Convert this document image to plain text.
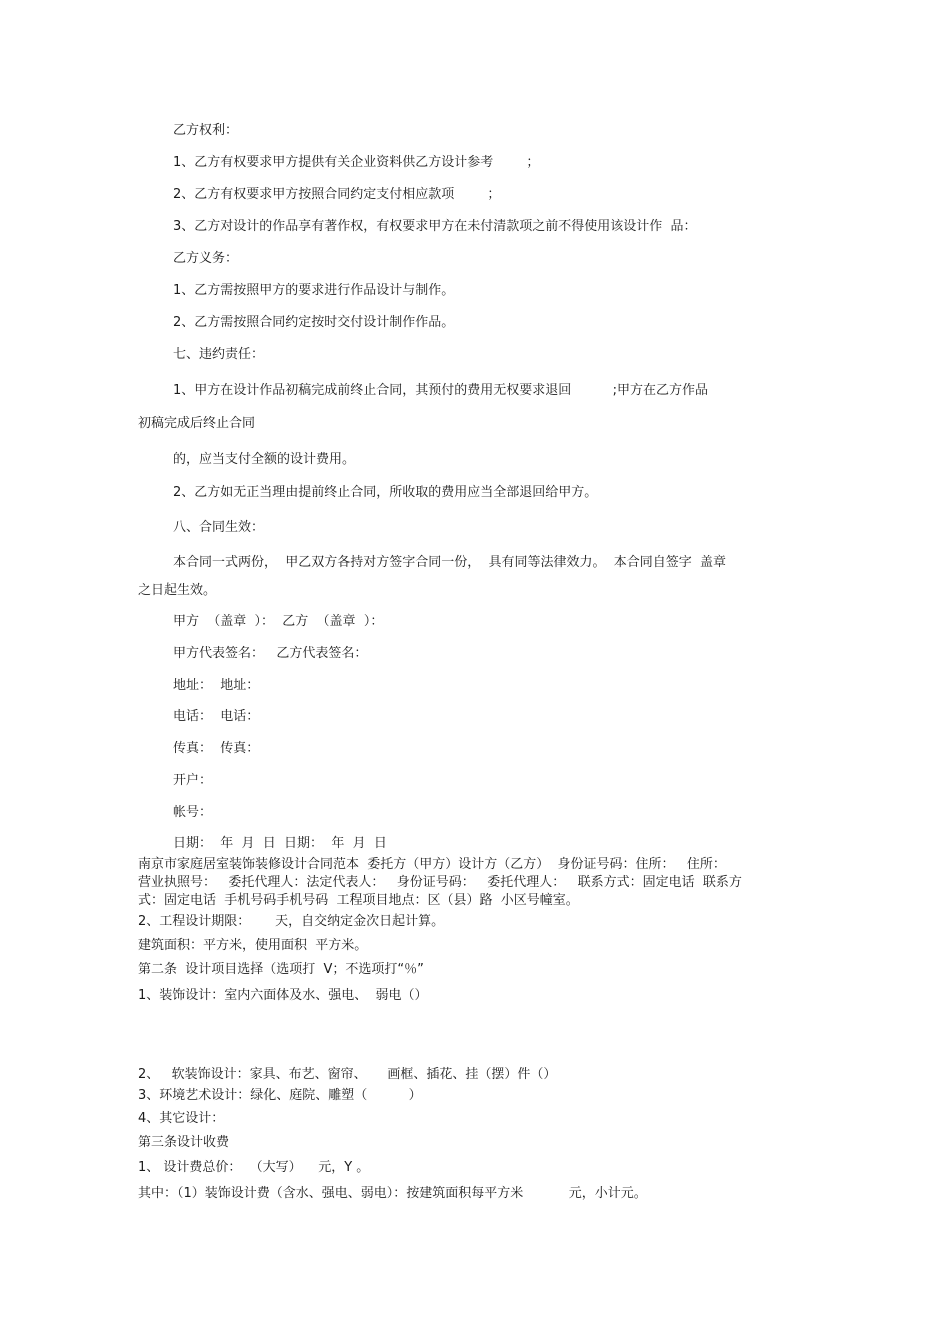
乙方权利：
1、乙方有权要求甲方提供有关企业资料供乙方设计参考        ；
2、乙方有权要求甲方按照合同约定支付相应款项        ；
3、乙方对设计的作品享有著作权，有权要求甲方在未付清款项之前不得使用该设计作  品：
乙方义务：
1、乙方需按照甲方的要求进行作品设计与制作。
2、乙方需按照合同约定按时交付设计制作作品。
七、违约责任：
1、甲方在设计作品初稿完成前终止合同，其预付的费用无权要求退回          ;甲方在乙方作品
初稿完成后终止合同
的，应当支付全额的设计费用。
2、乙方如无正当理由提前终止合同，所收取的费用应当全部退回给甲方。
八、合同生效：
本合同一式两份，  甲乙双方各持对方签字合同一份，  具有同等法律效力。  本合同自签字  盖章
之日起生效。
甲方  （盖章  ）：  乙方  （盖章  ）：
甲方代表签名：   乙方代表签名：
地址：  地址：
电话：  电话：
传真：  传真：
开户：
帐号：
日期：  年  月  日  日期：  年  月  日
南京市家庭居室装饰装修设计合同范本  委托方（甲方）设计方（乙方）  身份证号码：住所：   住所：
营业执照号：   委托代理人：法定代表人：   身份证号码：   委托代理人：   联系方式：固定电话  联系方
式：固定电话  手机号码手机号码  工程项目地点：区（县）路  小区号幢室。
2、工程设计期限：      天，自交纳定金次日起计算。
建筑面积：平方米，使用面积  平方米。
第二条  设计项目选择（选项打  V；不选项打“％”
1、装饰设计：室内六面体及水、强电、  弱电（）
2、   软装饰设计：家具、布艺、窗帘、     画框、插花、挂（摆）件（）
3、环境艺术设计：绿化、庭院、雕塑（          ）
4、其它设计：
第三条设计收费
1、 设计费总价：  （大写）    元，Y 。
其中：（1）装饰设计费（含水、强电、弱电）：按建筑面积每平方米           元，小计元。
